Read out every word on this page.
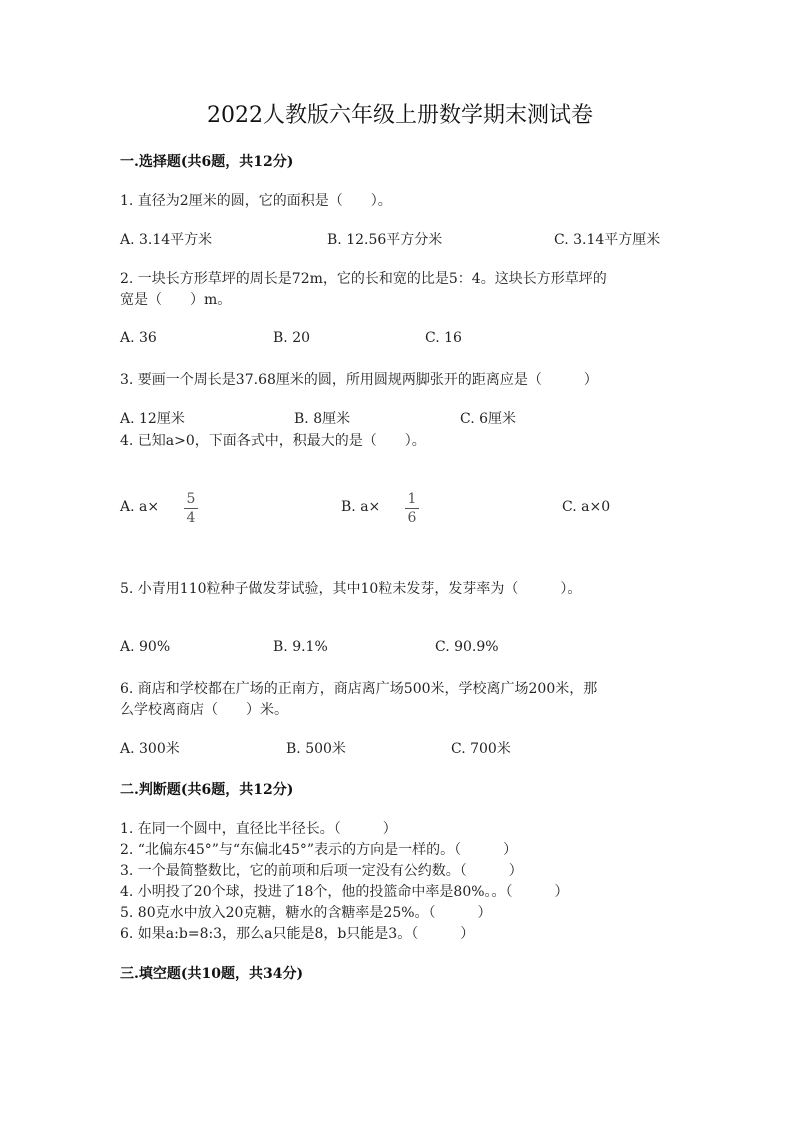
2022人教版六年级上册数学期末测试卷
一.选择题(共6题，共12分)
1. 直径为2厘米的圆，它的面积是（　　）。
A. 3.14平方米	B. 12.56平方分米	C. 3.14平方厘米
2. 一块长方形草坪的周长是72m，它的长和宽的比是5：4。这块长方形草坪的
宽是（　　）m。
A. 36	B. 20	C. 16
3. 要画一个周长是37.68厘米的圆，所用圆规两脚张开的距离应是（　　　）
A. 12厘米	B. 8厘米	C. 6厘米
4. 已知a>0，下面各式中，积最大的是（　　）。
A. a× 5
4
B. a× 1
6
C. a×0
5. 小青用110粒种子做发芽试验，其中10粒未发芽，发芽率为（　　　）。
A. 90%	B. 9.1%	C. 90.9%
6. 商店和学校都在广场的正南方，商店离广场500米，学校离广场200米，那
么学校离商店（　　）米。
A. 300米	B. 500米	C. 700米
二.判断题(共6题，共12分)
1. 在同一个圆中，直径比半径长。（　　　）
2. “北偏东45°”与“东偏北45°”表示的方向是一样的。（　　　）
3. 一个最简整数比，它的前项和后项一定没有公约数。（　　　）
4. 小明投了20个球，投进了18个，他的投篮命中率是80%。。（　　　）
5. 80克水中放入20克糖，糖水的含糖率是25%。（　　　）
6. 如果a:b=8:3，那么a只能是8，b只能是3。（　　　）
三.填空题(共10题，共34分)
